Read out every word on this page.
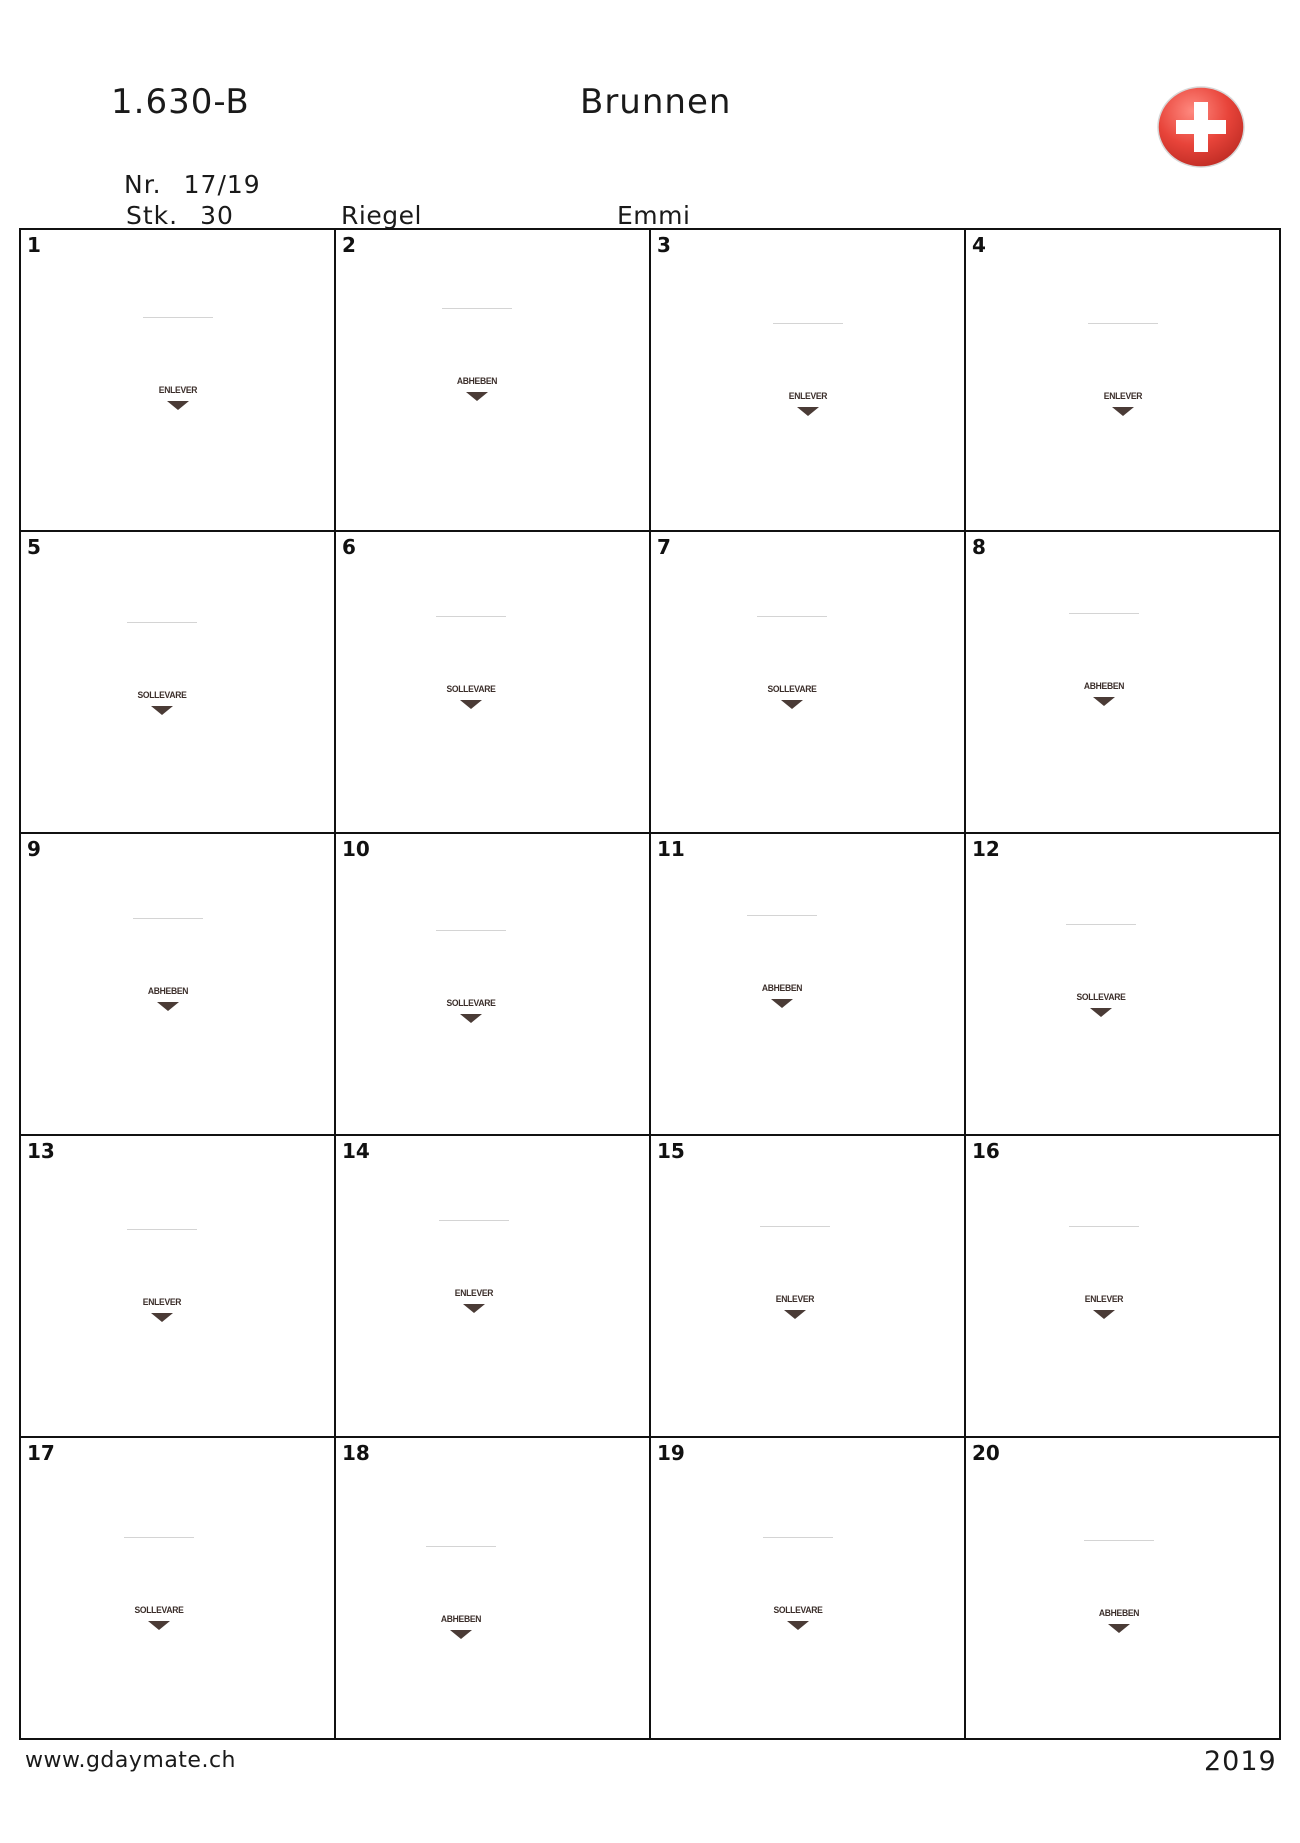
1.630-B	Brunnen
Nr. 17/19
Stk. 30	Riegel	Emmi
1
ENLEVER
2
ABHEBEN
3
ENLEVER
4
ENLEVER
5
SOLLEVARE
6
SOLLEVARE
7
SOLLEVARE
8
ABHEBEN
9
ABHEBEN
10
SOLLEVARE
11
ABHEBEN
12
SOLLEVARE
13
ENLEVER
14
ENLEVER
15
ENLEVER
16
ENLEVER
17
SOLLEVARE
18
ABHEBEN
19
SOLLEVARE
20
ABHEBEN
www.gdaymate.ch	2019
